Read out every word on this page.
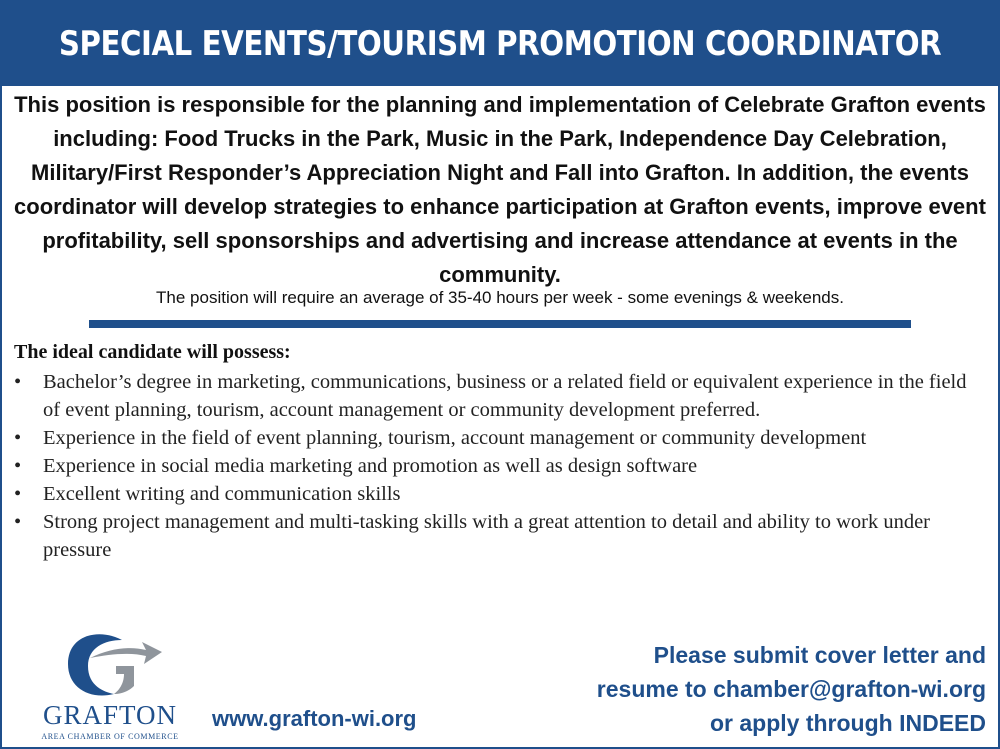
SPECIAL EVENTS/TOURISM PROMOTION COORDINATOR
This position is responsible for the planning and implementation of Celebrate Grafton events including: Food Trucks in the Park, Music in the Park, Independence Day Celebration, Military/First Responder’s Appreciation Night and Fall into Grafton. In addition, the events coordinator will develop strategies to enhance participation at Grafton events, improve event profitability, sell sponsorships and advertising and increase attendance at events in the community.
The position will require an average of 35-40 hours per week - some evenings & weekends.
The ideal candidate will possess:
• Bachelor’s degree in marketing, communications, business or a related field or equivalent experience in the field of event planning, tourism, account management or community development preferred.
• Experience in the field of event planning, tourism, account management or community development
• Experience in social media marketing and promotion as well as design software
• Excellent writing and communication skills
• Strong project management and multi-tasking skills with a great attention to detail and ability to work under pressure
GRAFTON
AREA CHAMBER OF COMMERCE
www.grafton-wi.org
Please submit cover letter and
resume to chamber@grafton-wi.org
or apply through INDEED
